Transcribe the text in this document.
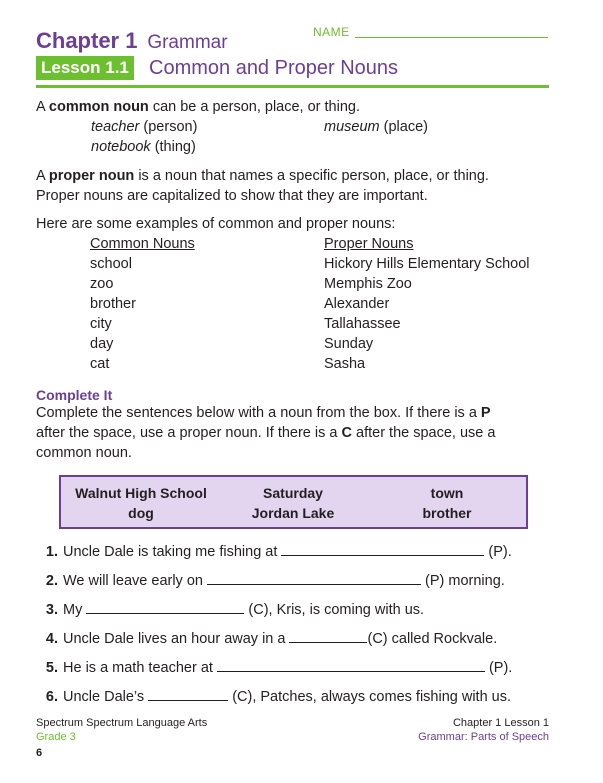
Chapter 1 Grammar	NAME
Lesson 1.1 Common and Proper Nouns
A common noun can be a person, place, or thing.
teacher (person)	museum (place)
notebook (thing)
A proper noun is a noun that names a specific person, place, or thing.
Proper nouns are capitalized to show that they are important.
Here are some examples of common and proper nouns:
Common Nouns	Proper Nouns
school	Hickory Hills Elementary School
zoo	Memphis Zoo
brother	Alexander
city	Tallahassee
day	Sunday
cat	Sasha
Complete It
Complete the sentences below with a noun from the box. If there is a P
after the space, use a proper noun. If there is a C after the space, use a
common noun.
Walnut High School	Saturday	town
dog	Jordan Lake	brother
1. Uncle Dale is taking me fishing at	(P).
2. We will leave early on	(P) morning.
3. My	(C), Kris, is coming with us.
4. Uncle Dale lives an hour away in a	(C) called Rockvale.
5. He is a math teacher at	(P).
6. Uncle Dale’s	(C), Patches, always comes fishing with us.
Spectrum Spectrum Language Arts
Grade 3
Chapter 1 Lesson 1
Grammar: Parts of Speech
6
